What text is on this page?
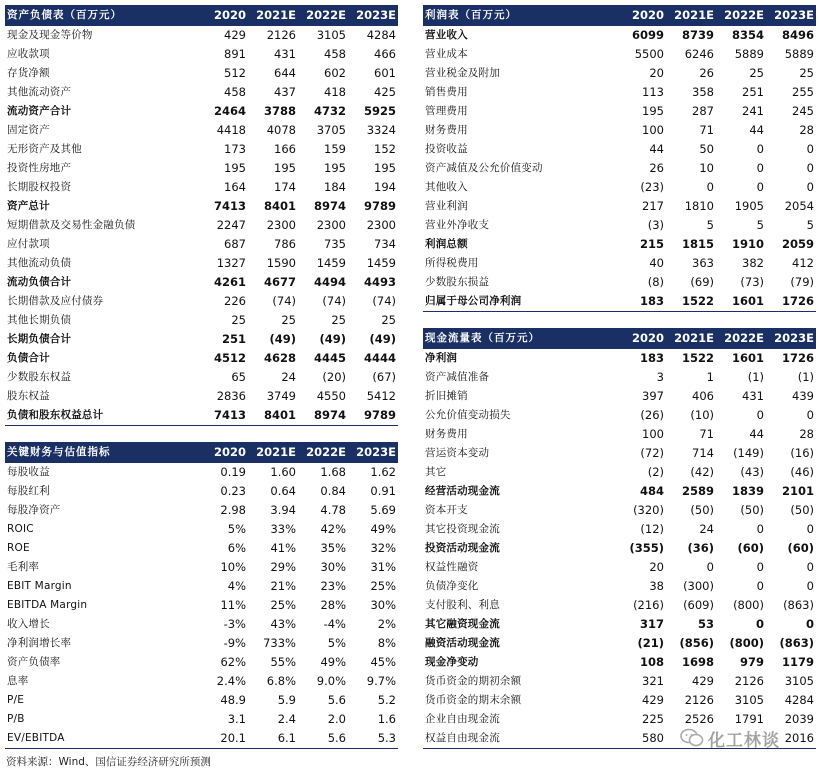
资产负债表（百万元）	2020	2021E	2022E	2023E
现金及现金等价物	429	2126	3105	4284
应收款项	891	431	458	466
存货净额	512	644	602	601
其他流动资产	458	437	418	425
流动资产合计	2464	3788	4732	5925
固定资产	4418	4078	3705	3324
无形资产及其他	173	166	159	152
投资性房地产	195	195	195	195
长期股权投资	164	174	184	194
资产总计	7413	8401	8974	9789
短期借款及交易性金融负债	2247	2300	2300	2300
应付款项	687	786	735	734
其他流动负债	1327	1590	1459	1459
流动负债合计	4261	4677	4494	4493
长期借款及应付债券	226	(74)	(74)	(74)
其他长期负债	25	25	25	25
长期负债合计	251	(49)	(49)	(49)
负债合计	4512	4628	4445	4444
少数股东权益	65	24	(20)	(67)
股东权益	2836	3749	4550	5412
负债和股东权益总计	7413	8401	8974	9789
关键财务与估值指标	2020	2021E	2022E	2023E
每股收益	0.19	1.60	1.68	1.62
每股红利	0.23	0.64	0.84	0.91
每股净资产	2.98	3.94	4.78	5.69
ROIC	5%	33%	42%	49%
ROE	6%	41%	35%	32%
毛利率	10%	29%	30%	31%
EBIT Margin	4%	21%	23%	25%
EBITDA Margin	11%	25%	28%	30%
收入增长	-3%	43%	-4%	2%
净利润增长率	-9%	733%	5%	8%
资产负债率	62%	55%	49%	45%
息率	2.4%	6.8%	9.0%	9.7%
P/E	48.9	5.9	5.6	5.2
P/B	3.1	2.4	2.0	1.6
EV/EBITDA	20.1	6.1	5.6	5.3
利润表（百万元）	2020	2021E	2022E	2023E
营业收入	6099	8739	8354	8496
营业成本	5500	6246	5889	5889
营业税金及附加	20	26	25	25
销售费用	113	358	251	255
管理费用	195	287	241	245
财务费用	100	71	44	28
投资收益	44	50	0	0
资产减值及公允价值变动	26	10	0	0
其他收入	(23)	0	0	0
营业利润	217	1810	1905	2054
营业外净收支	(3)	5	5	5
利润总额	215	1815	1910	2059
所得税费用	40	363	382	412
少数股东损益	(8)	(69)	(73)	(79)
归属于母公司净利润	183	1522	1601	1726
现金流量表（百万元）	2020	2021E	2022E	2023E
净利润	183	1522	1601	1726
资产减值准备	3	1	(1)	(1)
折旧摊销	397	406	431	439
公允价值变动损失	(26)	(10)	0	0
财务费用	100	71	44	28
营运资本变动	(72)	714	(149)	(16)
其它	(2)	(42)	(43)	(46)
经营活动现金流	484	2589	1839	2101
资本开支	(320)	(50)	(50)	(50)
其它投资现金流	(12)	24	0	0
投资活动现金流	(355)	(36)	(60)	(60)
权益性融资	20	0	0	0
负债净变化	38	(300)	0	0
支付股利、利息	(216)	(609)	(800)	(863)
其它融资现金流	317	53	0	0
融资活动现金流	(21)	(856)	(800)	(863)
现金净变动	108	1698	979	1179
货币资金的期初余额	321	429	2126	3105
货币资金的期末余额	429	2126	3105	4284
企业自由现金流	225	2526	1791	2039
权益自由现金流	580			2016
化工林谈
资料来源：Wind、国信证券经济研究所预测
